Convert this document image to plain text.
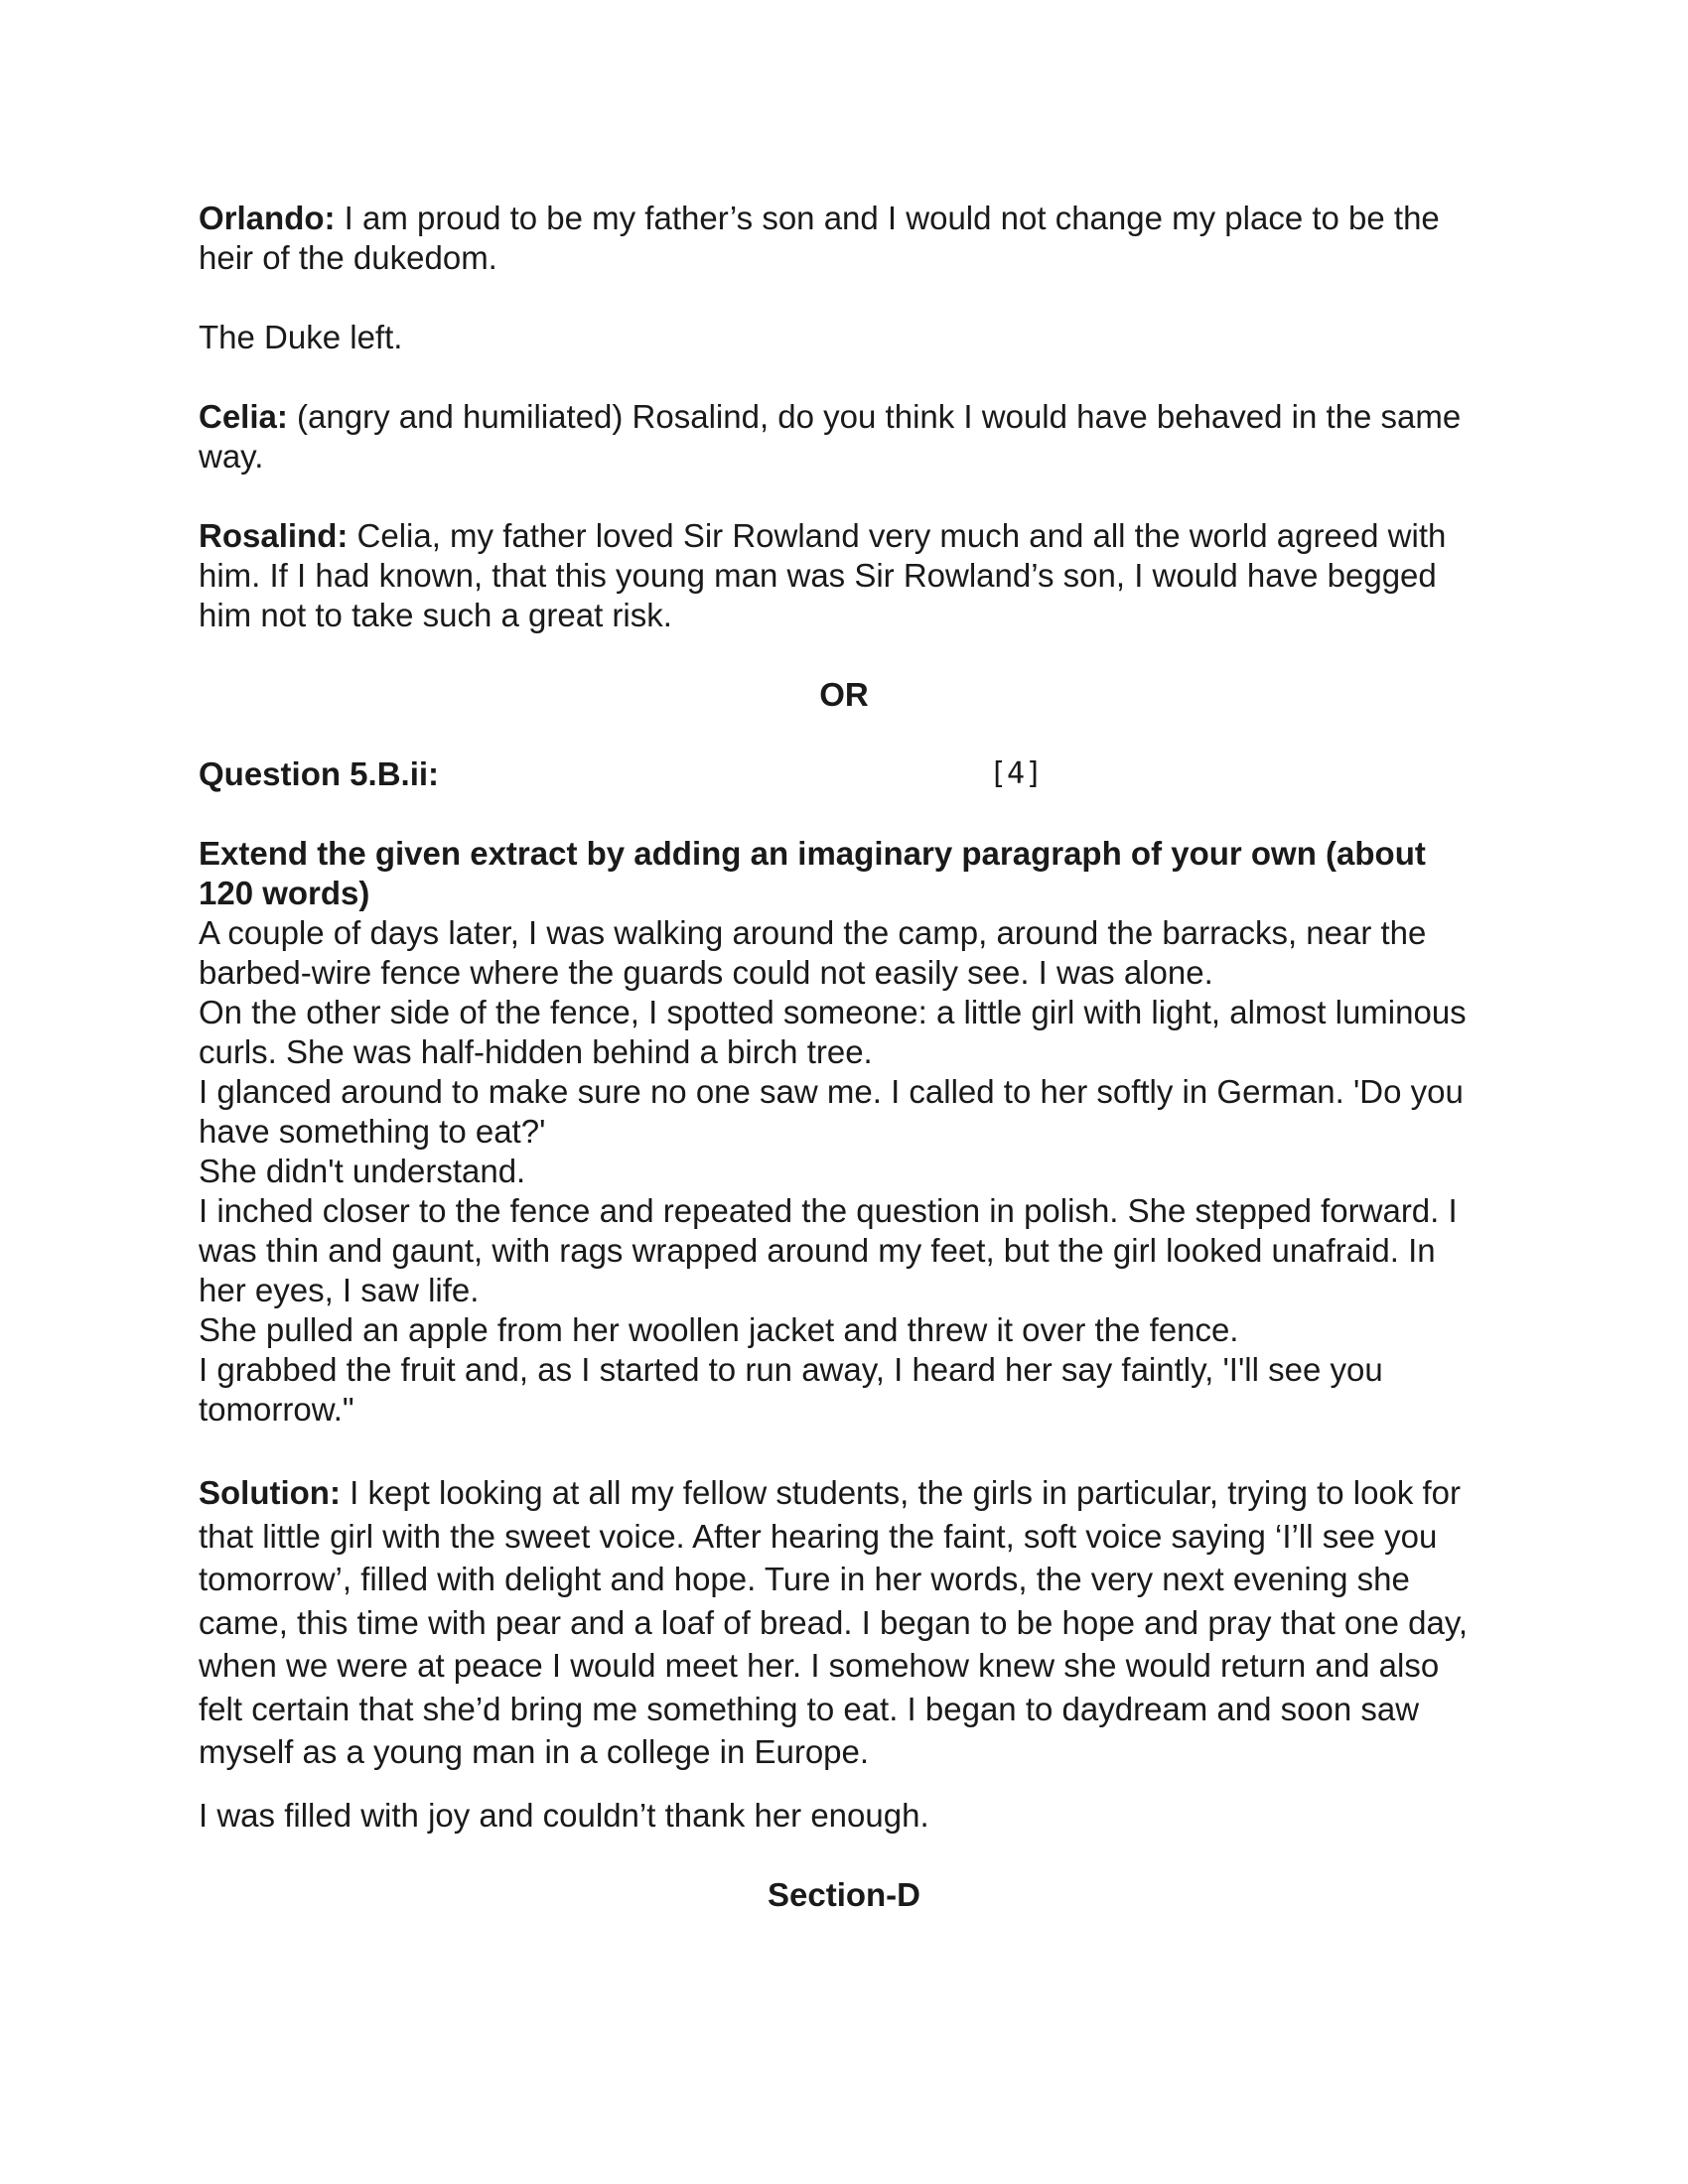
Orlando: I am proud to be my father’s son and I would not change my place to be the heir of the dukedom.

The Duke left.

Celia: (angry and humiliated) Rosalind, do you think I would have behaved in the same way.

Rosalind: Celia, my father loved Sir Rowland very much and all the world agreed with him. If I had known, that this young man was Sir Rowland’s son, I would have begged him not to take such a great risk.

OR

Question 5.B.ii:	[4]

Extend the given extract by adding an imaginary paragraph of your own (about 120 words)

A couple of days later, I was walking around the camp, around the barracks, near the barbed-wire fence where the guards could not easily see. I was alone.

On the other side of the fence, I spotted someone: a little girl with light, almost luminous curls. She was half-hidden behind a birch tree.

I glanced around to make sure no one saw me. I called to her softly in German. 'Do you have something to eat?'

She didn't understand.

I inched closer to the fence and repeated the question in polish. She stepped forward. I was thin and gaunt, with rags wrapped around my feet, but the girl looked unafraid. In her eyes, I saw life.

She pulled an apple from her woollen jacket and threw it over the fence.

I grabbed the fruit and, as I started to run away, I heard her say faintly, 'I'll see you tomorrow."

Solution: I kept looking at all my fellow students, the girls in particular, trying to look for that little girl with the sweet voice. After hearing the faint, soft voice saying ‘I’ll see you tomorrow’, filled with delight and hope. Ture in her words, the very next evening she came, this time with pear and a loaf of bread. I began to be hope and pray that one day, when we were at peace I would meet her. I somehow knew she would return and also felt certain that she’d bring me something to eat. I began to daydream and soon saw myself as a young man in a college in Europe.

I was filled with joy and couldn’t thank her enough.

Section-D
